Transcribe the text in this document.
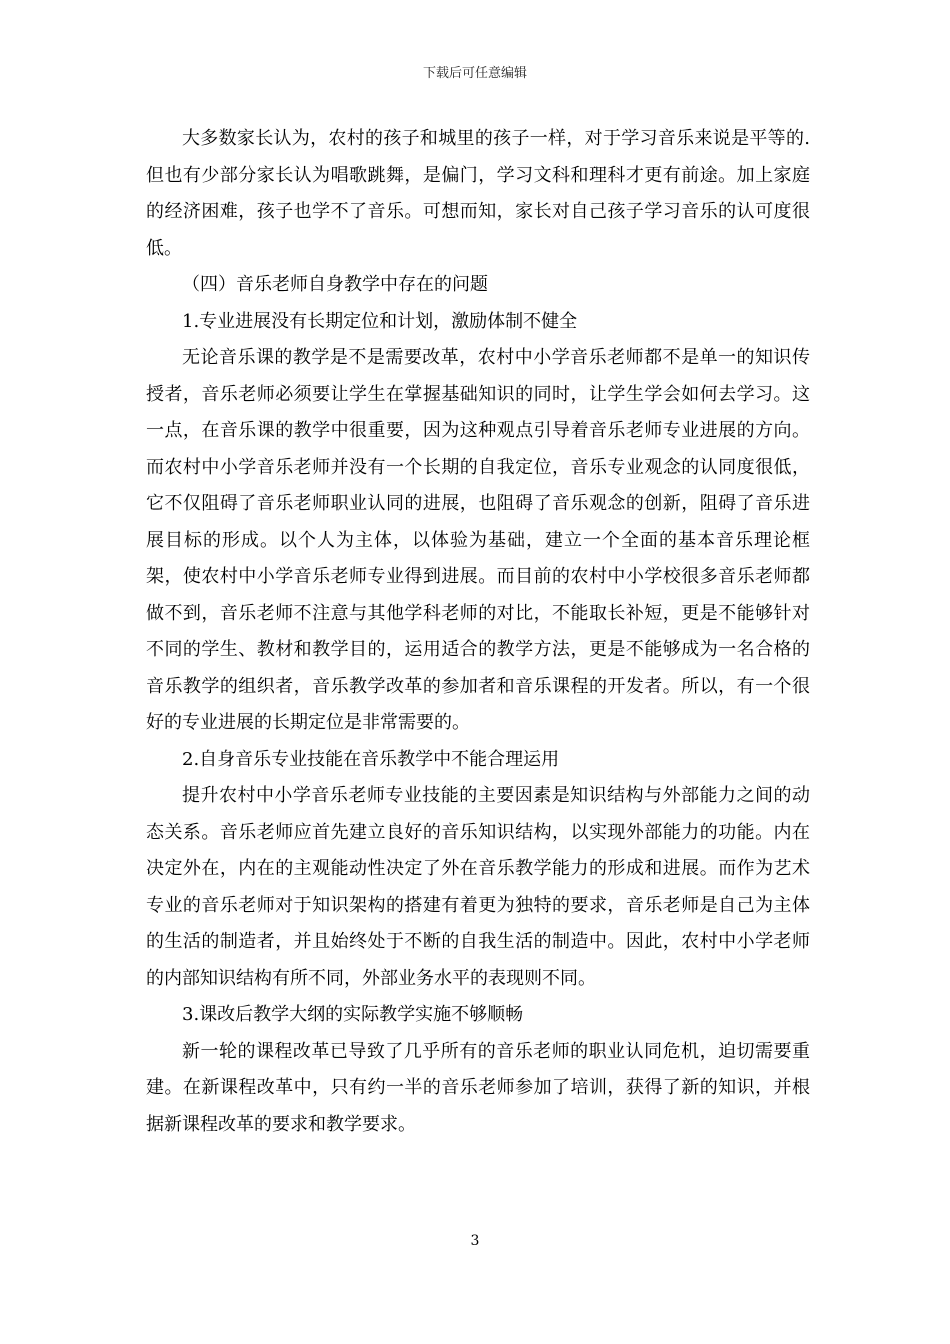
下载后可任意编辑

大多数家长认为，农村的孩子和城里的孩子一样，对于学习音乐来说是平等的.但也有少部分家长认为唱歌跳舞，是偏门，学习文科和理科才更有前途。加上家庭的经济困难，孩子也学不了音乐。可想而知，家长对自己孩子学习音乐的认可度很低。

（四）音乐老师自身教学中存在的问题

1.专业进展没有长期定位和计划，激励体制不健全

无论音乐课的教学是不是需要改革，农村中小学音乐老师都不是单一的知识传授者，音乐老师必须要让学生在掌握基础知识的同时，让学生学会如何去学习。这一点，在音乐课的教学中很重要，因为这种观点引导着音乐老师专业进展的方向。而农村中小学音乐老师并没有一个长期的自我定位，音乐专业观念的认同度很低，它不仅阻碍了音乐老师职业认同的进展，也阻碍了音乐观念的创新，阻碍了音乐进展目标的形成。以个人为主体，以体验为基础，建立一个全面的基本音乐理论框架，使农村中小学音乐老师专业得到进展。而目前的农村中小学校很多音乐老师都做不到，音乐老师不注意与其他学科老师的对比，不能取长补短，更是不能够针对不同的学生、教材和教学目的，运用适合的教学方法，更是不能够成为一名合格的音乐教学的组织者，音乐教学改革的参加者和音乐课程的开发者。所以，有一个很好的专业进展的长期定位是非常需要的。

2.自身音乐专业技能在音乐教学中不能合理运用

提升农村中小学音乐老师专业技能的主要因素是知识结构与外部能力之间的动态关系。音乐老师应首先建立良好的音乐知识结构，以实现外部能力的功能。内在决定外在，内在的主观能动性决定了外在音乐教学能力的形成和进展。而作为艺术专业的音乐老师对于知识架构的搭建有着更为独特的要求，音乐老师是自己为主体的生活的制造者，并且始终处于不断的自我生活的制造中。因此，农村中小学老师的内部知识结构有所不同，外部业务水平的表现则不同。

3.课改后教学大纲的实际教学实施不够顺畅

新一轮的课程改革已导致了几乎所有的音乐老师的职业认同危机，迫切需要重建。在新课程改革中，只有约一半的音乐老师参加了培训，获得了新的知识，并根据新课程改革的要求和教学要求。

3
